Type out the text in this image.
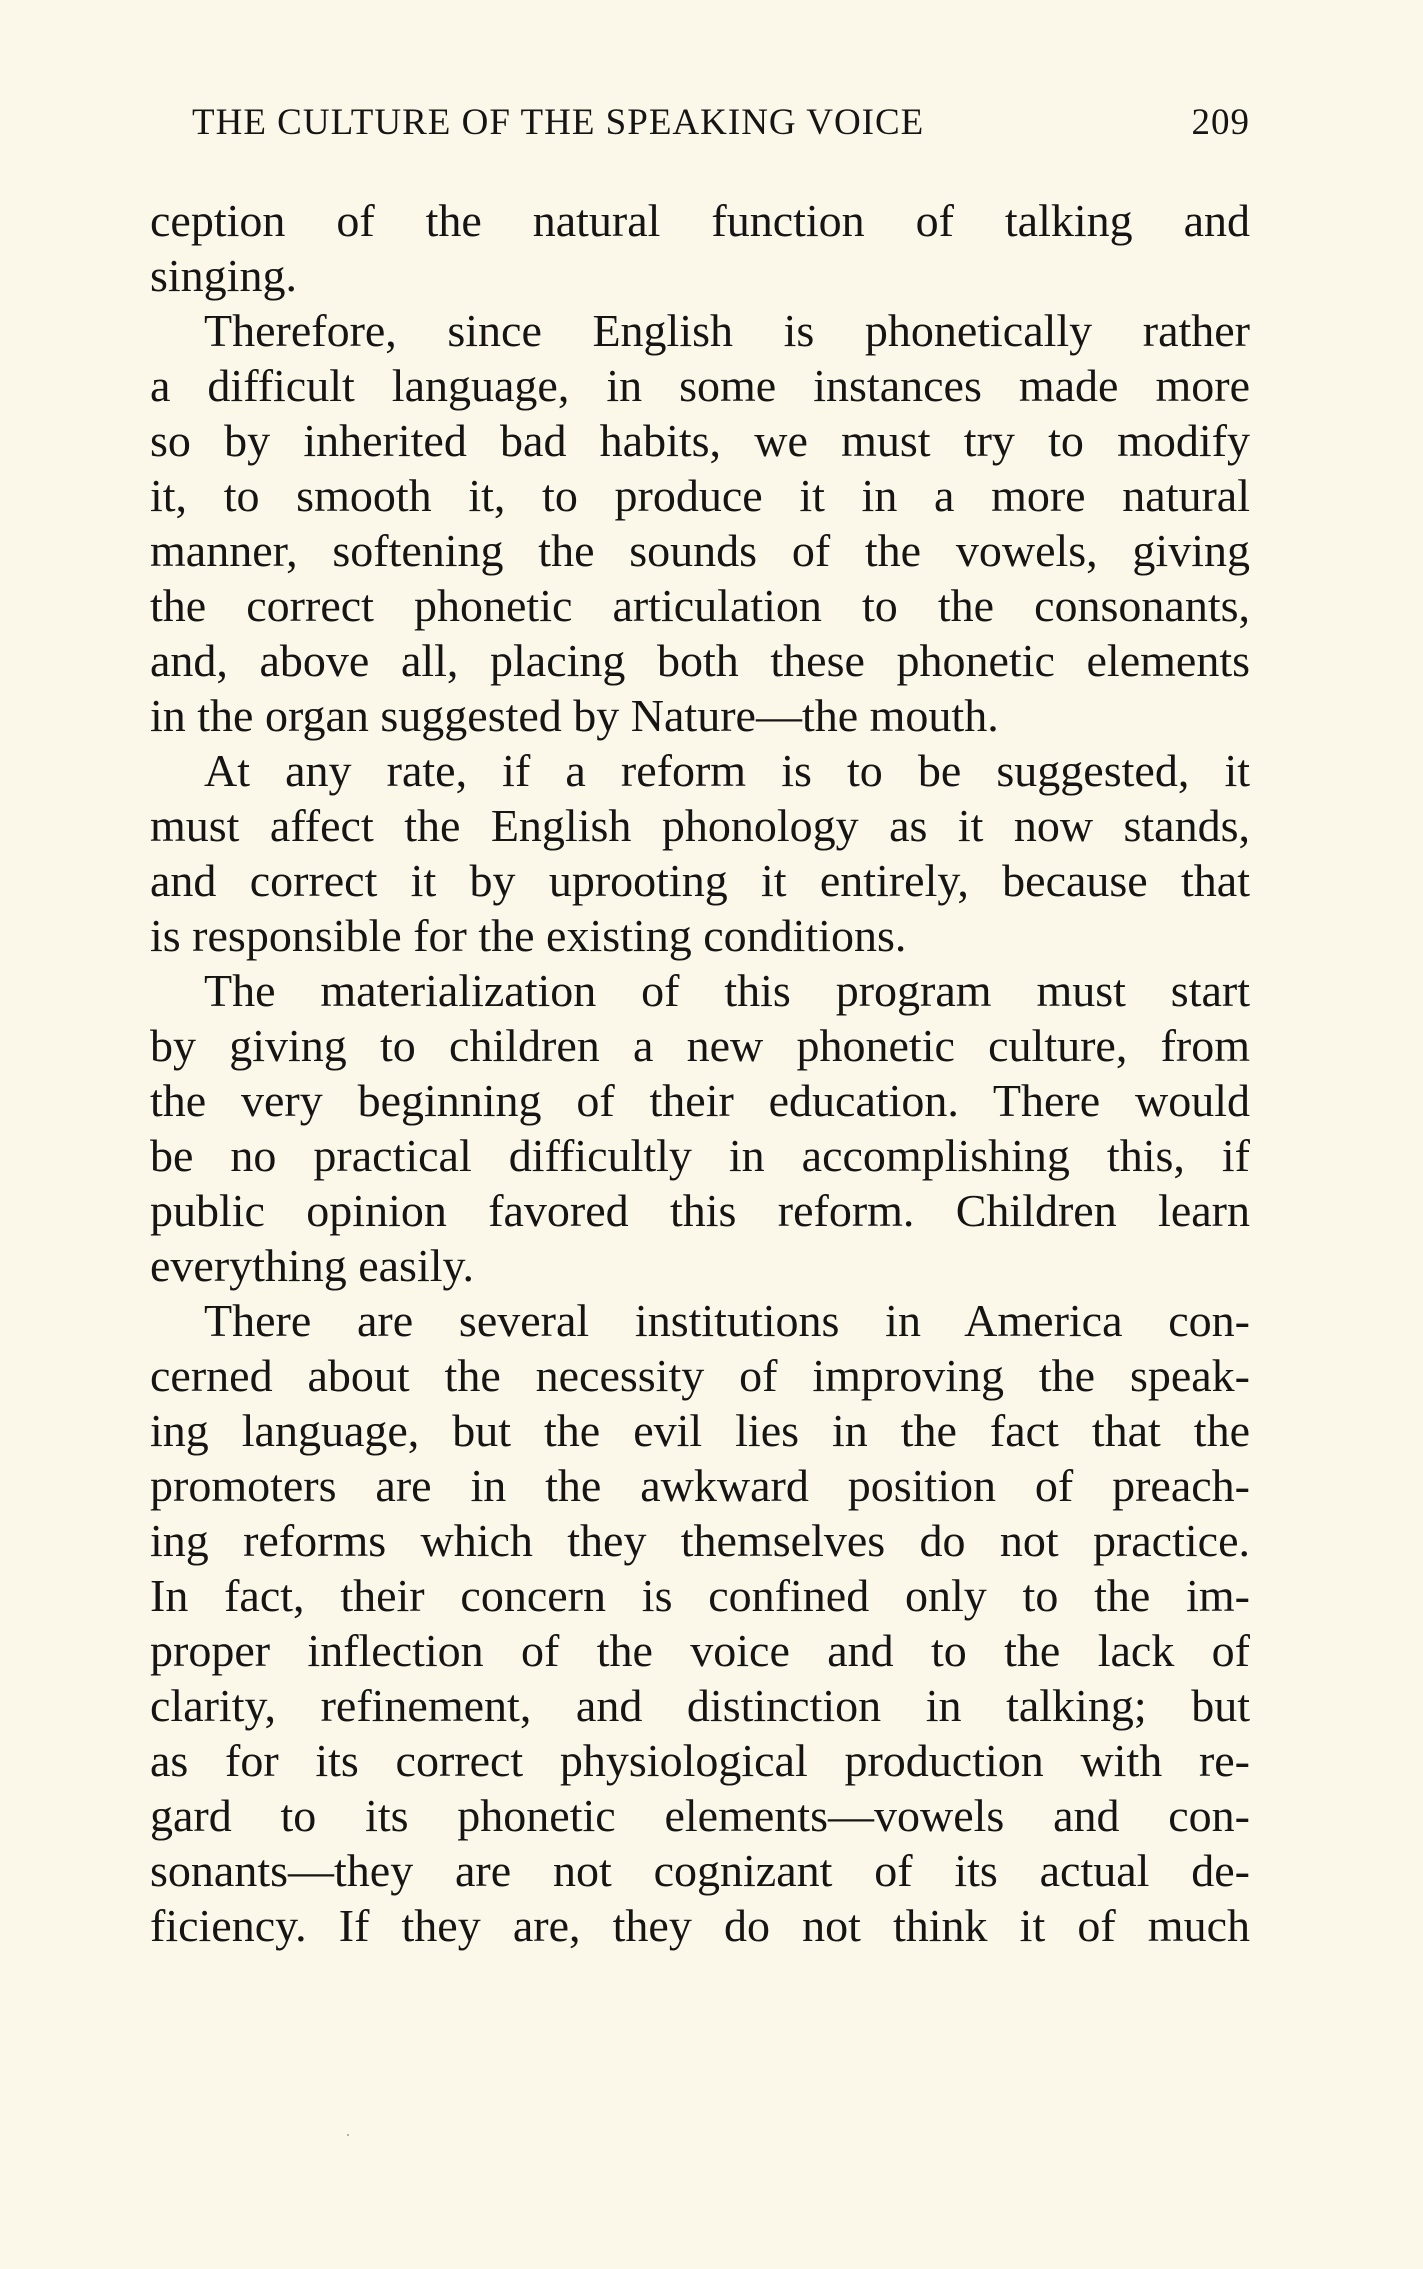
THE CULTURE OF THE SPEAKING VOICE	209
ception of the natural function of talking and
singing.
Therefore, since English is phonetically rather
a difficult language, in some instances made more
so by inherited bad habits, we must try to modify
it, to smooth it, to produce it in a more natural
manner, softening the sounds of the vowels, giving
the correct phonetic articulation to the consonants,
and, above all, placing both these phonetic elements
in the organ suggested by Nature—the mouth.
At any rate, if a reform is to be suggested, it
must affect the English phonology as it now stands,
and correct it by uprooting it entirely, because that
is responsible for the existing conditions.
The materialization of this program must start
by giving to children a new phonetic culture, from
the very beginning of their education. There would
be no practical difficultly in accomplishing this, if
public opinion favored this reform. Children learn
everything easily.
There are several institutions in America con-
cerned about the necessity of improving the speak-
ing language, but the evil lies in the fact that the
promoters are in the awkward position of preach-
ing reforms which they themselves do not practice.
In fact, their concern is confined only to the im-
proper inflection of the voice and to the lack of
clarity, refinement, and distinction in talking; but
as for its correct physiological production with re-
gard to its phonetic elements—vowels and con-
sonants—they are not cognizant of its actual de-
ficiency. If they are, they do not think it of much
